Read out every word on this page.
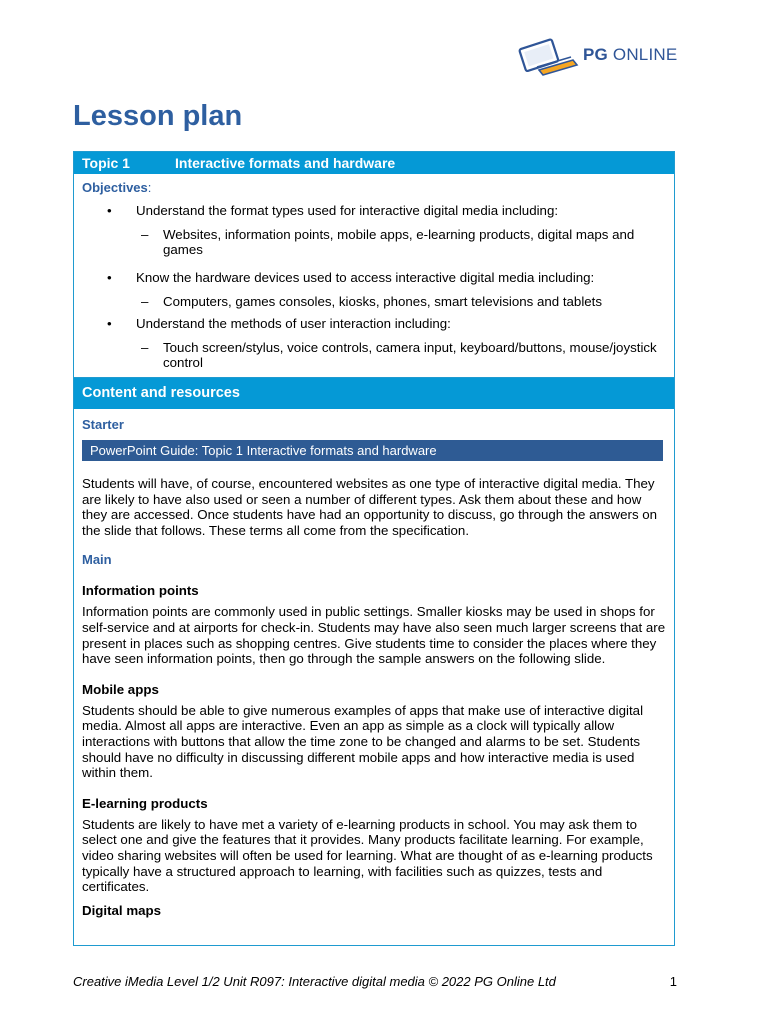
PG ONLINE
Lesson plan
Topic 1	Interactive formats and hardware
Objectives:
• Understand the format types used for interactive digital media including:
– Websites, information points, mobile apps, e-learning products, digital maps and games
• Know the hardware devices used to access interactive digital media including:
– Computers, games consoles, kiosks, phones, smart televisions and tablets
• Understand the methods of user interaction including:
– Touch screen/stylus, voice controls, camera input, keyboard/buttons, mouse/joystick control
Content and resources
Starter
PowerPoint Guide: Topic 1 Interactive formats and hardware

Students will have, of course, encountered websites as one type of interactive digital media. They are likely to have also used or seen a number of different types. Ask them about these and how they are accessed. Once students have had an opportunity to discuss, go through the answers on the slide that follows. These terms all come from the specification.

Main

Information points

Information points are commonly used in public settings. Smaller kiosks may be used in shops for self-service and at airports for check-in. Students may have also seen much larger screens that are present in places such as shopping centres. Give students time to consider the places where they have seen information points, then go through the sample answers on the following slide.

Mobile apps

Students should be able to give numerous examples of apps that make use of interactive digital media. Almost all apps are interactive. Even an app as simple as a clock will typically allow interactions with buttons that allow the time zone to be changed and alarms to be set. Students should have no difficulty in discussing different mobile apps and how interactive media is used within them.

E-learning products

Students are likely to have met a variety of e-learning products in school. You may ask them to select one and give the features that it provides. Many products facilitate learning. For example, video sharing websites will often be used for learning. What are thought of as e-learning products typically have a structured approach to learning, with facilities such as quizzes, tests and certificates.

Digital maps

Creative iMedia Level 1/2 Unit R097: Interactive digital media © 2022 PG Online Ltd	1
